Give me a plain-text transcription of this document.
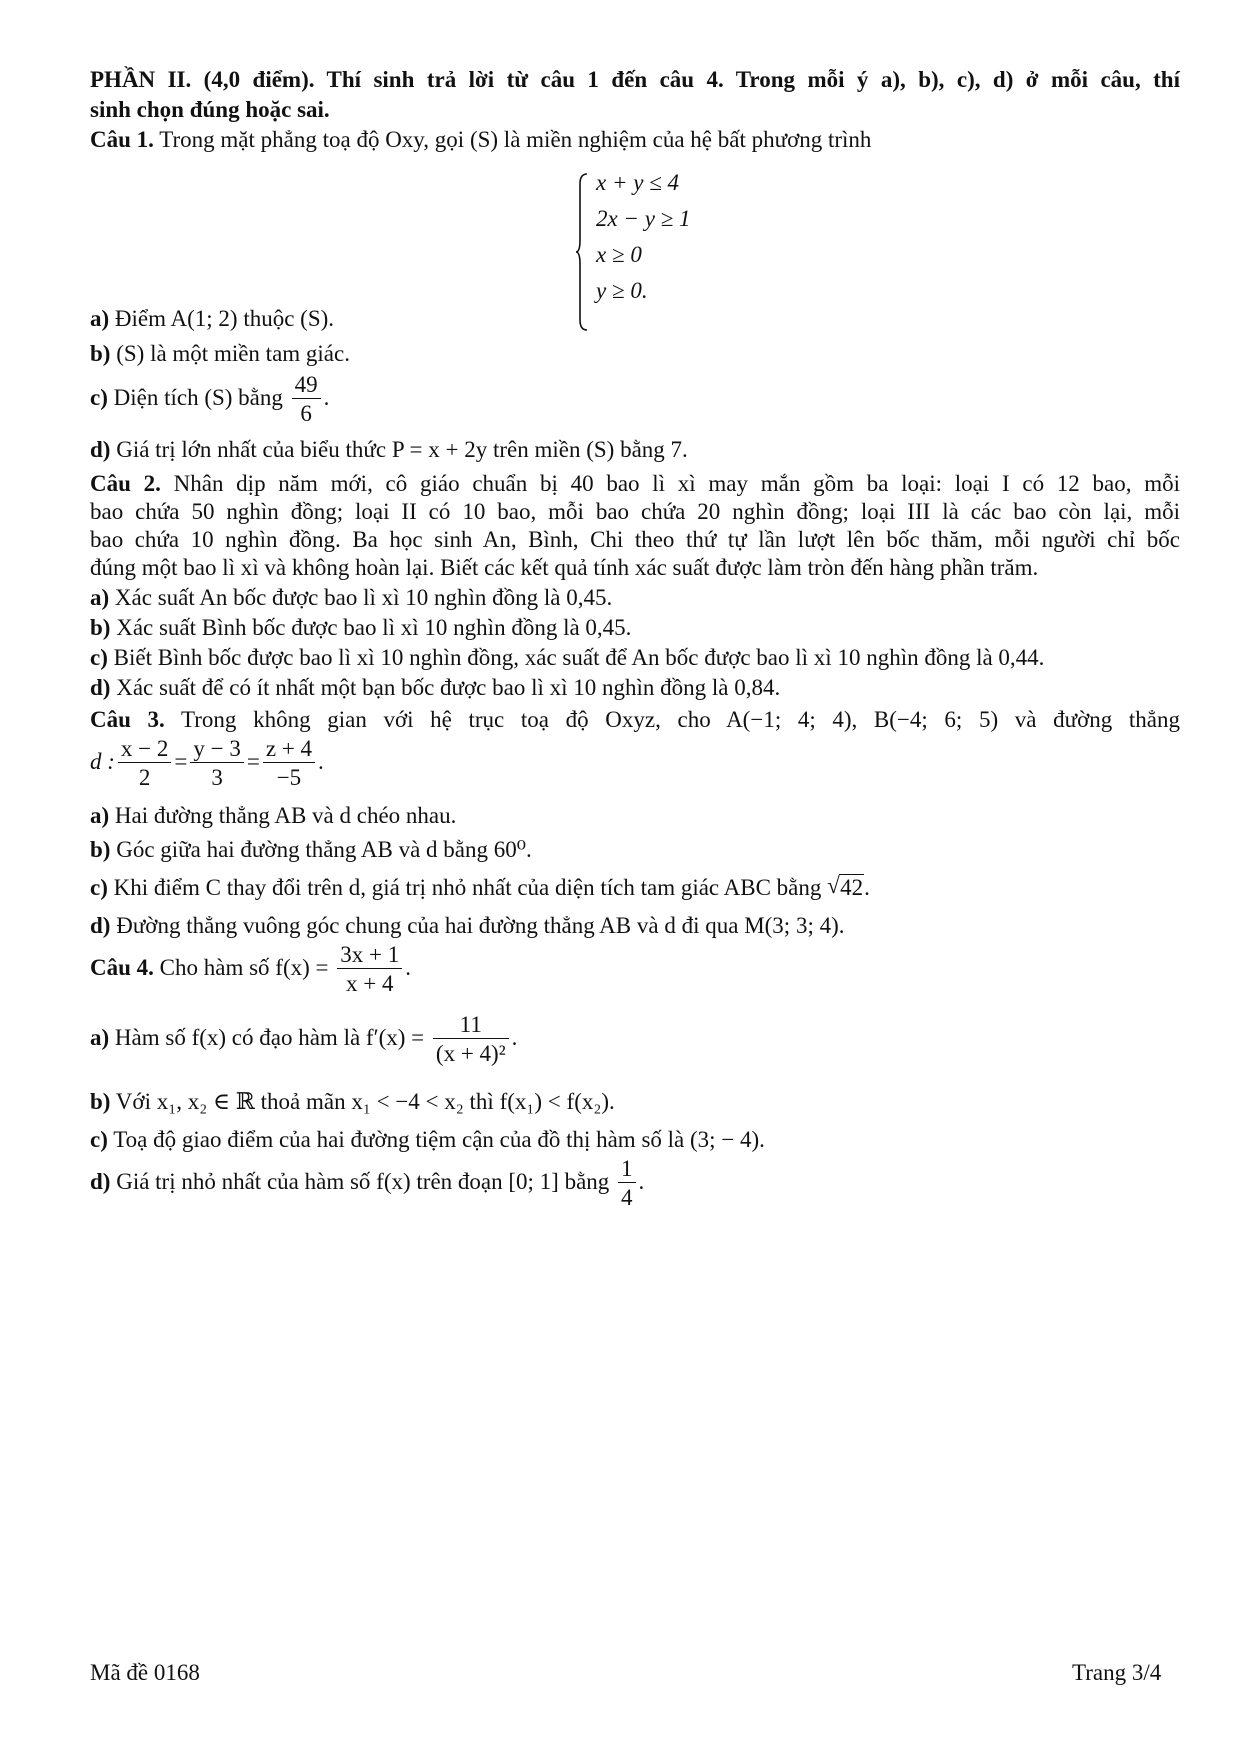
PHẦN II. (4,0 điểm). Thí sinh trả lời từ câu 1 đến câu 4. Trong mỗi ý a), b), c), d) ở mỗi câu, thí
sinh chọn đúng hoặc sai.
Câu 1. Trong mặt phẳng toạ độ Oxy, gọi (S) là miền nghiệm của hệ bất phương trình
x + y ≤ 4
2x − y ≥ 1
x ≥ 0
y ≥ 0.
a) Điểm A(1; 2) thuộc (S).
b) (S) là một miền tam giác.
c) Diện tích (S) bằng $\frac{49}{6}$ .
d) Giá trị lớn nhất của biểu thức P = x + 2y trên miền (S) bằng 7.
Câu 2. Nhân dịp năm mới, cô giáo chuẩn bị 40 bao lì xì may mắn gồm ba loại: loại I có 12 bao, mỗi
bao chứa 50 nghìn đồng; loại II có 10 bao, mỗi bao chứa 20 nghìn đồng; loại III là các bao còn lại, mỗi
bao chứa 10 nghìn đồng. Ba học sinh An, Bình, Chi theo thứ tự lần lượt lên bốc thăm, mỗi người chỉ bốc
đúng một bao lì xì và không hoàn lại. Biết các kết quả tính xác suất được làm tròn đến hàng phần trăm.
a) Xác suất An bốc được bao lì xì 10 nghìn đồng là 0,45.
b) Xác suất Bình bốc được bao lì xì 10 nghìn đồng là 0,45.
c) Biết Bình bốc được bao lì xì 10 nghìn đồng, xác suất để An bốc được bao lì xì 10 nghìn đồng là 0,44.
d) Xác suất để có ít nhất một bạn bốc được bao lì xì 10 nghìn đồng là 0,84.
Câu 3. Trong không gian với hệ trục toạ độ Oxyz, cho A(−1; 4; 4), B(−4; 6; 5) và đường thẳng
d : $\frac{x - 2}{2} = \frac{y - 3}{3} = \frac{z + 4}{-5}$ .
a) Hai đường thẳng AB và d chéo nhau.
b) Góc giữa hai đường thẳng AB và d bằng 60⁰.
c) Khi điểm C thay đổi trên d, giá trị nhỏ nhất của diện tích tam giác ABC bằng √ 42.
d) Đường thẳng vuông góc chung của hai đường thẳng AB và d đi qua M(3; 3; 4).
Câu 4. Cho hàm số $f(x) = \frac{3x + 1}{x + 4}$ .
a) Hàm số f(x) có đạo hàm là $f'(x) = \frac{11}{\text{(x + 4)²}}$ .
b) Với x₁, x₂ ∈ ℝ thoả mãn x₁ < −4 < x₂ thì f(x₁) < f(x₂).
c) Toạ độ giao điểm của hai đường tiệm cận của đồ thị hàm số là (3; − 4).
d) Giá trị nhỏ nhất của hàm số f(x) trên đoạn [0; 1] bằng $\frac{1}{4}$ .
Mã đề 0168	Trang 3/4
